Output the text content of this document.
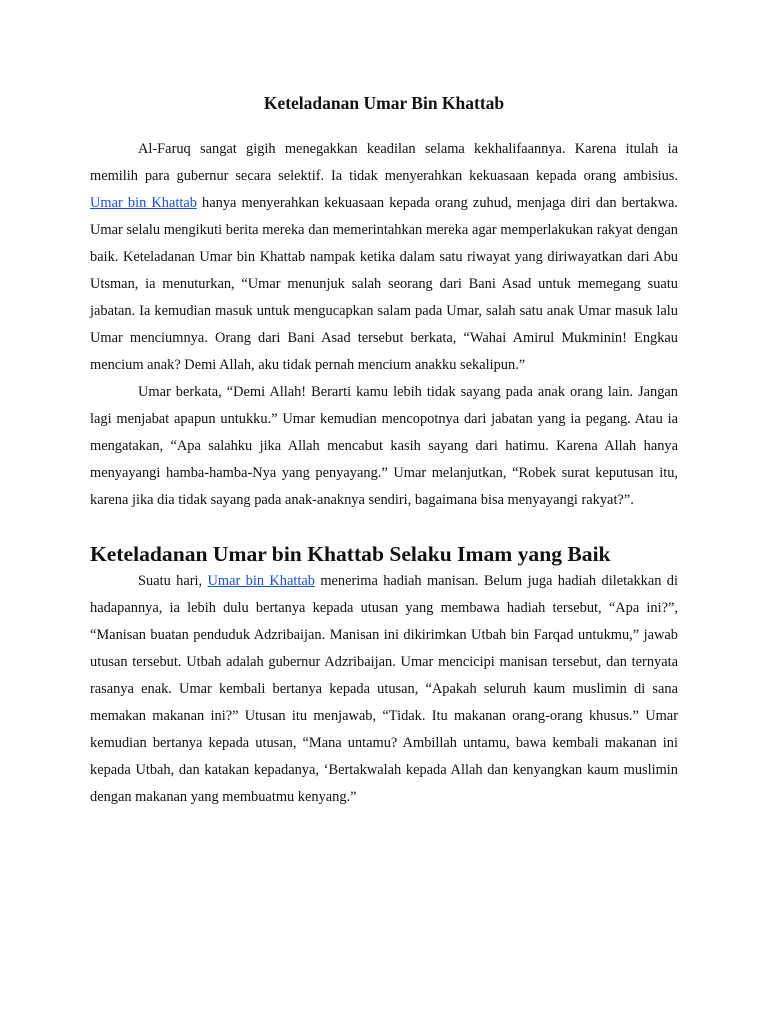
Keteladanan Umar Bin Khattab

Al-Faruq sangat gigih menegakkan keadilan selama kekhalifaannya. Karena itulah ia memilih para gubernur secara selektif. Ia tidak menyerahkan kekuasaan kepada orang ambisius. Umar bin Khattab hanya menyerahkan kekuasaan kepada orang zuhud, menjaga diri dan bertakwa. Umar selalu mengikuti berita mereka dan memerintahkan mereka agar memperlakukan rakyat dengan baik. Keteladanan Umar bin Khattab nampak ketika dalam satu riwayat yang diriwayatkan dari Abu Utsman, ia menuturkan, “Umar menunjuk salah seorang dari Bani Asad untuk memegang suatu jabatan. Ia kemudian masuk untuk mengucapkan salam pada Umar, salah satu anak Umar masuk lalu Umar menciumnya. Orang dari Bani Asad tersebut berkata, “Wahai Amirul Mukminin! Engkau mencium anak? Demi Allah, aku tidak pernah mencium anakku sekalipun.”

Umar berkata, “Demi Allah! Berarti kamu lebih tidak sayang pada anak orang lain. Jangan lagi menjabat apapun untukku.” Umar kemudian mencopotnya dari jabatan yang ia pegang. Atau ia mengatakan, “Apa salahku jika Allah mencabut kasih sayang dari hatimu. Karena Allah hanya menyayangi hamba-hamba-Nya yang penyayang.” Umar melanjutkan, “Robek surat keputusan itu, karena jika dia tidak sayang pada anak-anaknya sendiri, bagaimana bisa menyayangi rakyat?”.

Keteladanan Umar bin Khattab Selaku Imam yang Baik

Suatu hari, Umar bin Khattab menerima hadiah manisan. Belum juga hadiah diletakkan di hadapannya, ia lebih dulu bertanya kepada utusan yang membawa hadiah tersebut, “Apa ini?”, “Manisan buatan penduduk Adzribaijan. Manisan ini dikirimkan Utbah bin Farqad untukmu,” jawab utusan tersebut. Utbah adalah gubernur Adzribaijan. Umar mencicipi manisan tersebut, dan ternyata rasanya enak. Umar kembali bertanya kepada utusan, “Apakah seluruh kaum muslimin di sana memakan makanan ini?” Utusan itu menjawab, “Tidak. Itu makanan orang-orang khusus.” Umar kemudian bertanya kepada utusan, “Mana untamu? Ambillah untamu, bawa kembali makanan ini kepada Utbah, dan katakan kepadanya, ‘Bertakwalah kepada Allah dan kenyangkan kaum muslimin dengan makanan yang membuatmu kenyang.”
